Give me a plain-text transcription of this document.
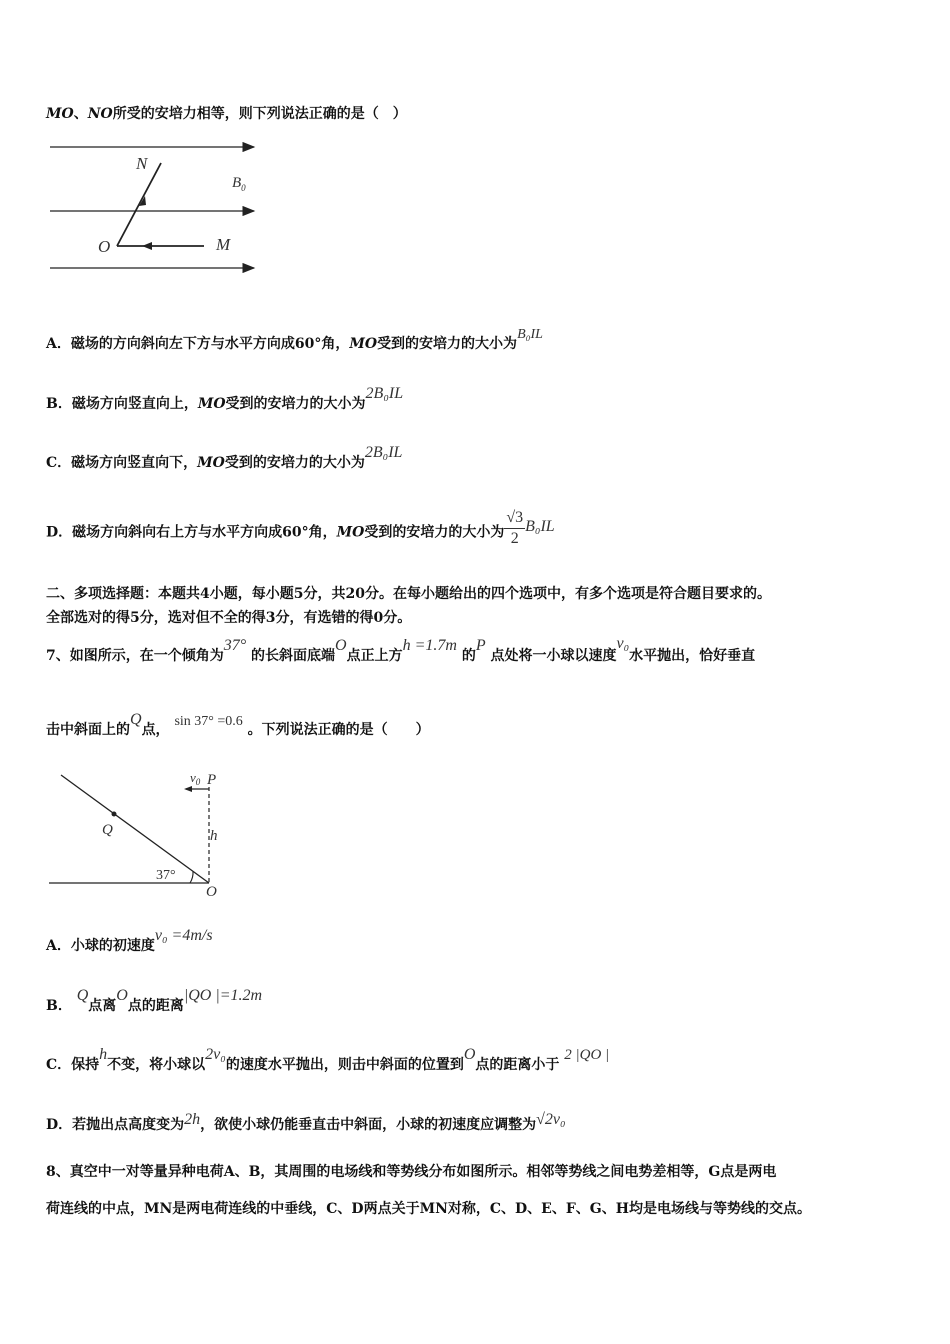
MO、NO所受的安培力相等，则下列说法正确的是（　）
N
$B_0$
O	M
A．磁场的方向斜向左下方与水平方向成60°角，MO受到的安培力的大小为B₀IL
B．磁场方向竖直向上，MO受到的安培力的大小为2B₀IL
C．磁场方向竖直向下，MO受到的安培力的大小为2B₀IL
D．磁场方向斜向右上方与水平方向成60°角，MO受到的安培力的大小为 $\frac{√3}{2} B_0IL$
二、多项选择题：本题共4小题，每小题5分，共20分。在每小题给出的四个选项中，有多个选项是符合题目要求的。
全部选对的得5分，选对但不全的得3分，有选错的得0分。
7、如图所示，在一个倾角为37° 的长斜面底端O点正上方h =1.7m 的P 点处将一小球以速度v₀水平抛出，恰好垂直
击中斜面上的Q点， sin 37° =0.6 。下列说法正确的是（　　）
$v_0$ P
Q	h
37°
O
A．小球的初速度v₀ =4m/s
B． Q点离O点的距离|QO |=1.2m
C．保持h不变，将小球以2v₀的速度水平抛出，则击中斜面的位置到O点的距离小于 2 |QO |
D．若抛出点高度变为2h，欲使小球仍能垂直击中斜面，小球的初速度应调整为√2v₀
8、真空中一对等量异种电荷A、B，其周围的电场线和等势线分布如图所示。相邻等势线之间电势差相等，G点是两电
荷连线的中点，MN是两电荷连线的中垂线，C、D两点关于MN对称，C、D、E、F、G、H均是电场线与等势线的交点。
